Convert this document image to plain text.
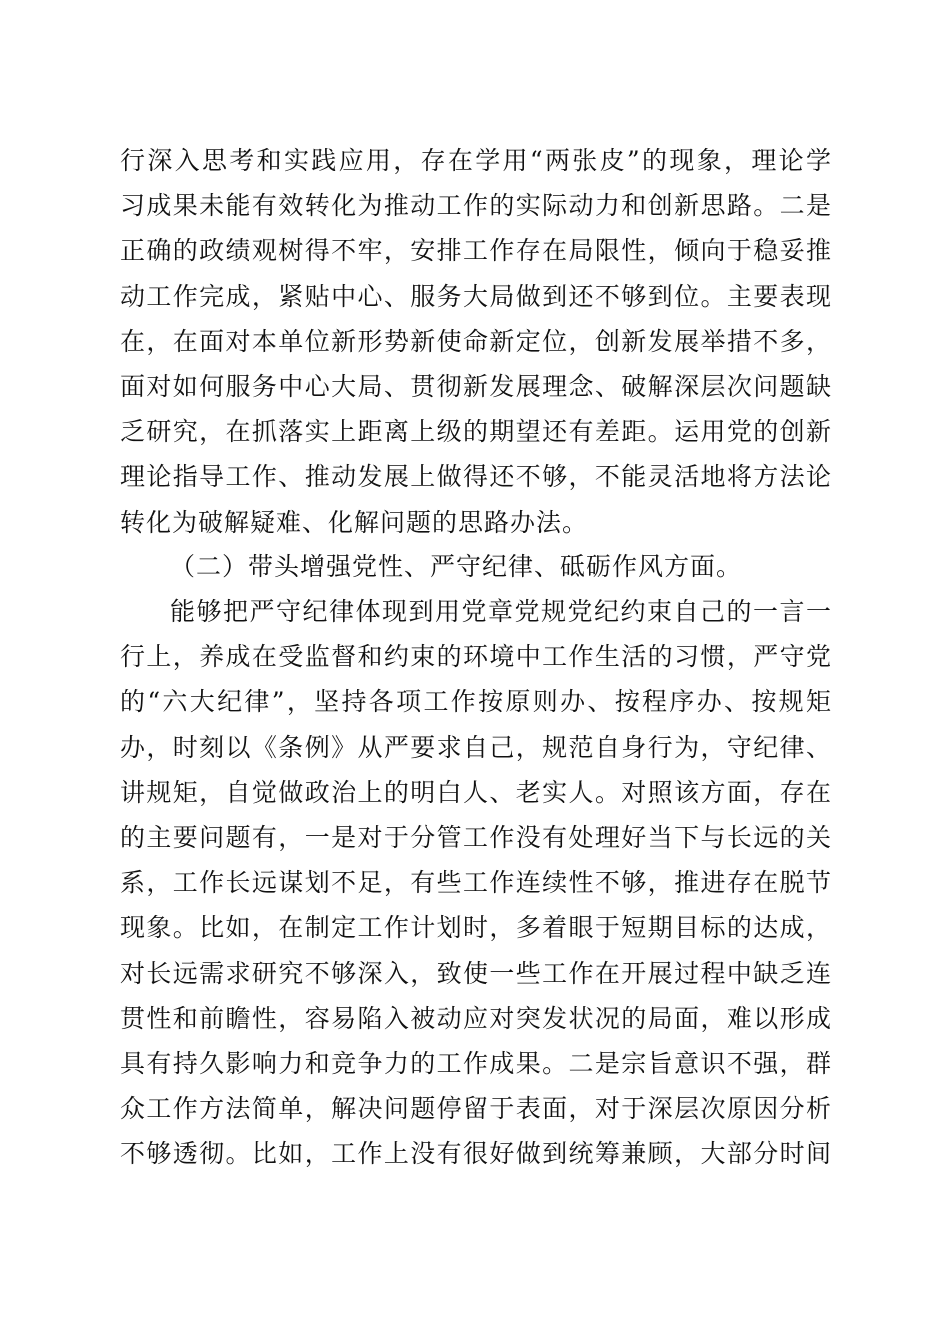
行深入思考和实践应用，存在学用“两张皮”的现象，理论学
习成果未能有效转化为推动工作的实际动力和创新思路。二是
正确的政绩观树得不牢，安排工作存在局限性，倾向于稳妥推
动工作完成，紧贴中心、服务大局做到还不够到位。主要表现
在，在面对本单位新形势新使命新定位，创新发展举措不多，
面对如何服务中心大局、贯彻新发展理念、破解深层次问题缺
乏研究，在抓落实上距离上级的期望还有差距。运用党的创新
理论指导工作、推动发展上做得还不够，不能灵活地将方法论
转化为破解疑难、化解问题的思路办法。
（二）带头增强党性、严守纪律、砥砺作风方面。
能够把严守纪律体现到用党章党规党纪约束自己的一言一
行上，养成在受监督和约束的环境中工作生活的习惯，严守党
的“六大纪律”，坚持各项工作按原则办、按程序办、按规矩
办，时刻以《条例》从严要求自己，规范自身行为，守纪律、
讲规矩，自觉做政治上的明白人、老实人。对照该方面，存在
的主要问题有，一是对于分管工作没有处理好当下与长远的关
系，工作长远谋划不足，有些工作连续性不够，推进存在脱节
现象。比如，在制定工作计划时，多着眼于短期目标的达成，
对长远需求研究不够深入，致使一些工作在开展过程中缺乏连
贯性和前瞻性，容易陷入被动应对突发状况的局面，难以形成
具有持久影响力和竞争力的工作成果。二是宗旨意识不强，群
众工作方法简单，解决问题停留于表面，对于深层次原因分析
不够透彻。比如，工作上没有很好做到统筹兼顾，大部分时间
